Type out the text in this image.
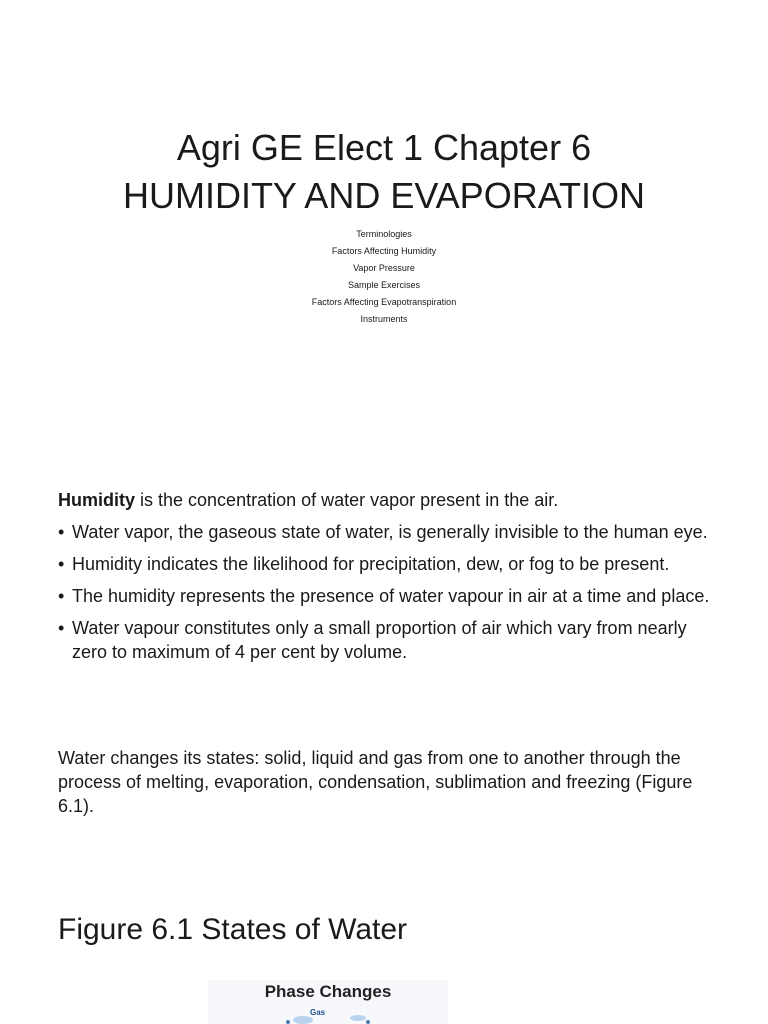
Agri GE Elect 1 Chapter 6
HUMIDITY AND EVAPORATION
Terminologies
Factors Affecting Humidity
Vapor Pressure
Sample Exercises
Factors Affecting Evapotranspiration
Instruments
Humidity is the concentration of water vapor present in the air.
• Water vapor, the gaseous state of water, is generally invisible to the human eye.
• Humidity indicates the likelihood for precipitation, dew, or fog to be present.
• The humidity represents the presence of water vapour in air at a time and place.
• Water vapour constitutes only a small proportion of air which vary from nearly zero to maximum of 4 per cent by volume.
Water changes its states: solid, liquid and gas from one to another through the process of melting, evaporation, condensation, sublimation and freezing (Figure 6.1).
Figure 6.1 States of Water
Phase Changes
Gas
